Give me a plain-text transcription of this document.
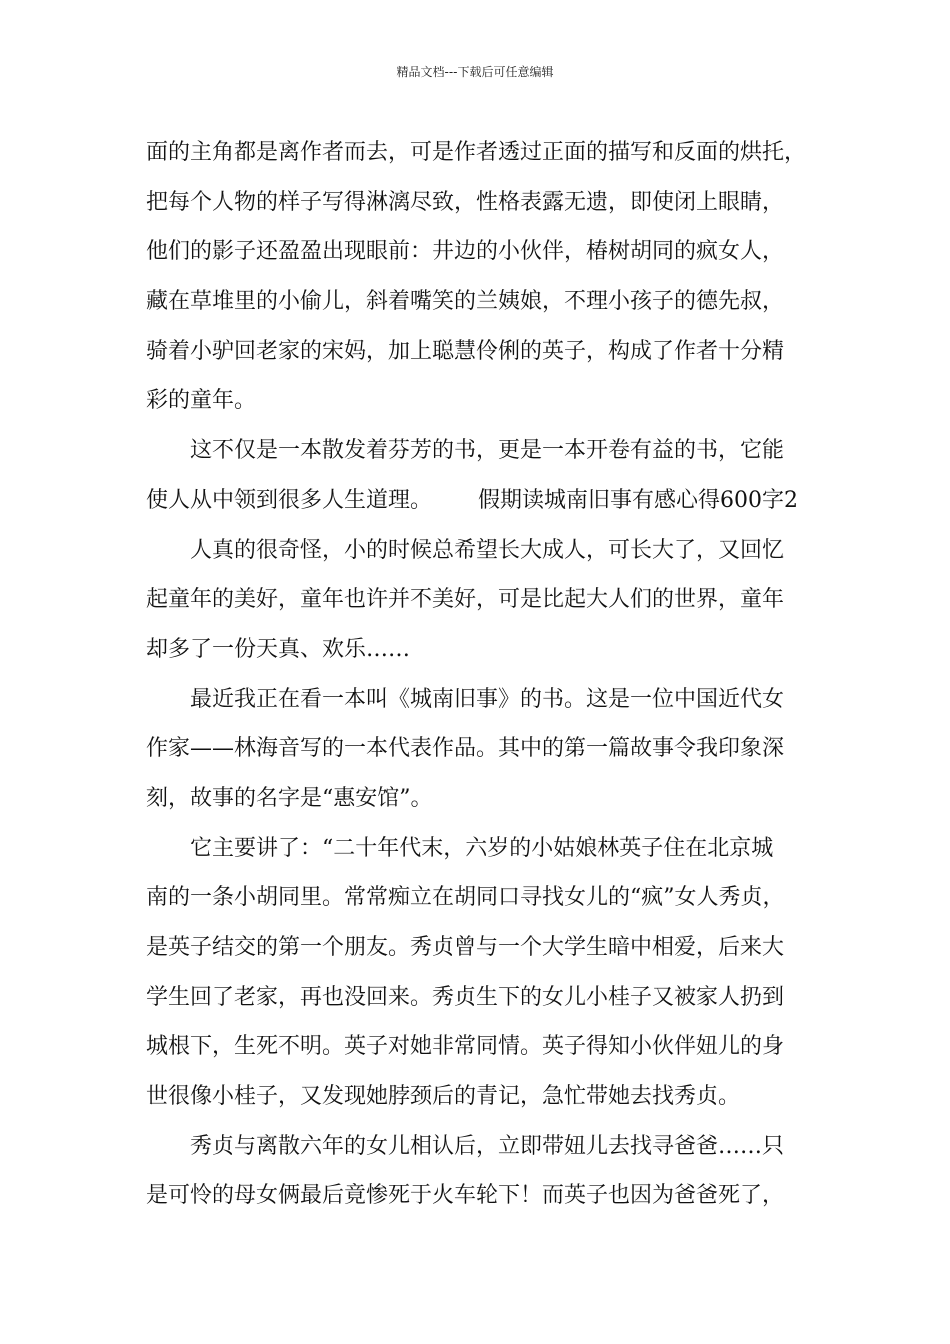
精品文档---下载后可任意编辑
面的主角都是离作者而去，可是作者透过正面的描写和反面的烘托，
把每个人物的样子写得淋漓尽致，性格表露无遗，即使闭上眼睛，
他们的影子还盈盈出现眼前：井边的小伙伴，椿树胡同的疯女人，
藏在草堆里的小偷儿，斜着嘴笑的兰姨娘，不理小孩子的德先叔，
骑着小驴回老家的宋妈，加上聪慧伶俐的英子，构成了作者十分精
彩的童年。
这不仅是一本散发着芬芳的书，更是一本开卷有益的书，它能
使人从中领到很多人生道理。 假期读城南旧事有感心得600字2
人真的很奇怪，小的时候总希望长大成人，可长大了，又回忆
起童年的美好，童年也许并不美好，可是比起大人们的世界，童年
却多了一份天真、欢乐……
最近我正在看一本叫《城南旧事》的书。这是一位中国近代女
作家——林海音写的一本代表作品。其中的第一篇故事令我印象深
刻，故事的名字是“惠安馆”。
它主要讲了：“二十年代末，六岁的小姑娘林英子住在北京城
南的一条小胡同里。常常痴立在胡同口寻找女儿的“疯”女人秀贞，
是英子结交的第一个朋友。秀贞曾与一个大学生暗中相爱，后来大
学生回了老家，再也没回来。秀贞生下的女儿小桂子又被家人扔到
城根下，生死不明。英子对她非常同情。英子得知小伙伴妞儿的身
世很像小桂子，又发现她脖颈后的青记，急忙带她去找秀贞。
秀贞与离散六年的女儿相认后，立即带妞儿去找寻爸爸……只
是可怜的母女俩最后竟惨死于火车轮下！而英子也因为爸爸死了，
